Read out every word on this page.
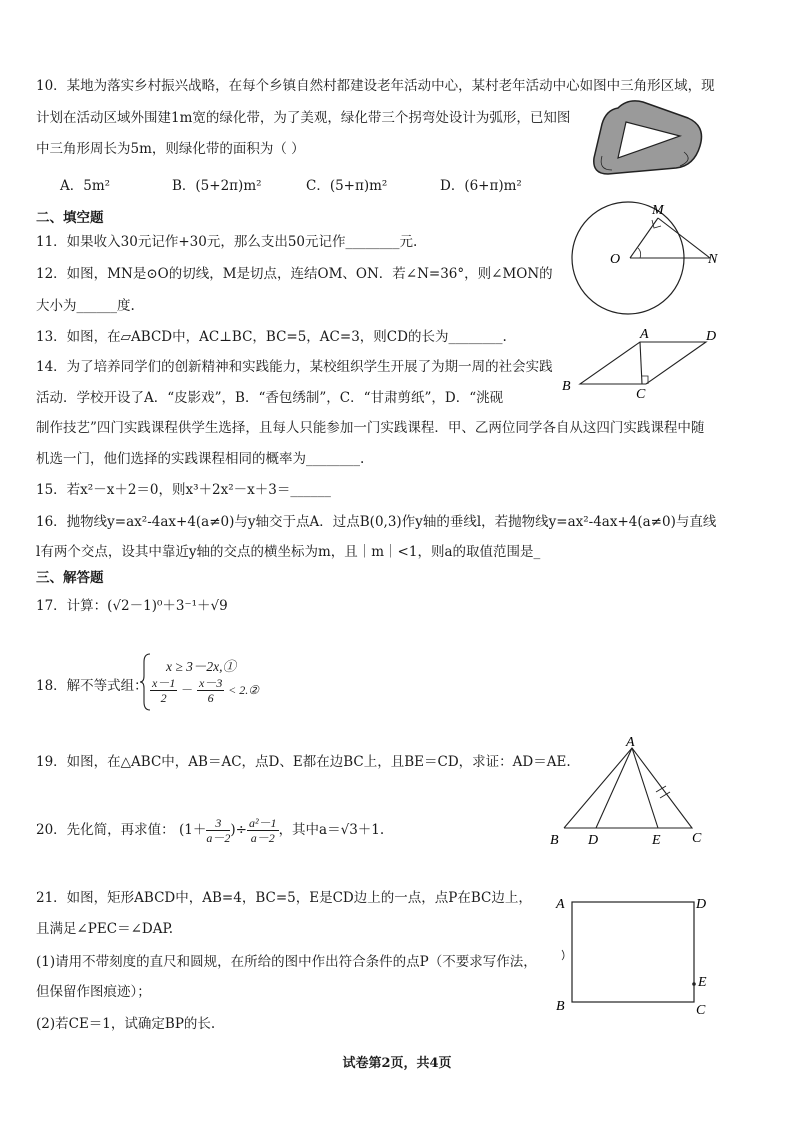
10．某地为落实乡村振兴战略，在每个乡镇自然村都建设老年活动中心，某村老年活动中心如图中三角形区域，现
计划在活动区域外围建1m宽的绿化带，为了美观，绿化带三个拐弯处设计为弧形，已知图
中三角形周长为5m，则绿化带的面积为（ ）
A．5m²	B．(5+2π)m²	C．(5+π)m²	D．(6+π)m²
二、填空题
11．如果收入30元记作+30元，那么支出50元记作________元.
12．如图，MN是⊙O的切线，M是切点，连结OM、ON．若∠N=36°，则∠MON的
大小为______度.
O
M
N
13．如图，在▱ABCD中，AC⊥BC，BC=5，AC=3，则CD的长为________.	A	D
B
C
14．为了培养同学们的创新精神和实践能力，某校组织学生开展了为期一周的社会实践
活动．学校开设了A．“皮影戏”，B．“香包绣制”，C．“甘肃剪纸”，D．“洮砚
制作技艺”四门实践课程供学生选择，且每人只能参加一门实践课程．甲、乙两位同学各自从这四门实践课程中随
机选一门，他们选择的实践课程相同的概率为________.
15．若x²－x＋2＝0，则x³＋2x²－x＋3＝______
16．抛物线y=ax²-4ax+4(a≠0)与y轴交于点A．过点B(0,3)作y轴的垂线l，若抛物线y=ax²-4ax+4(a≠0)与直线
l有两个交点，设其中靠近y轴的交点的横坐标为m，且｜m｜<1，则a的取值范围是_
三、解答题
17．计算：(√2－1)⁰＋3⁻¹＋√9
18．解不等式组：
x ≥ 3－2x,①
$\frac{x-1}{2} - \frac{x-3}{6}$ < 2.②
19．如图，在△ABC中，AB＝AC，点D、E都在边BC上，且BE＝CD，求证：AD＝AE.
A
B D	E C
20．先化简，再求值： ($1+ \frac{3}{a-2}$ )÷ $\frac{\text{a²－1}}{a-2}$ ，其中a＝√3＋1.
21．如图，矩形ABCD中，AB=4，BC=5，E是CD边上的一点，点P在BC边上，
且满足∠PEC＝∠DAP.
(1)请用不带刻度的直尺和圆规，在所给的图中作出符合条件的点P（不要求写作法，
但保留作图痕迹）；
(2)若CE＝1，试确定BP的长.
A	D
E
B	C
试卷第2页，共4页
